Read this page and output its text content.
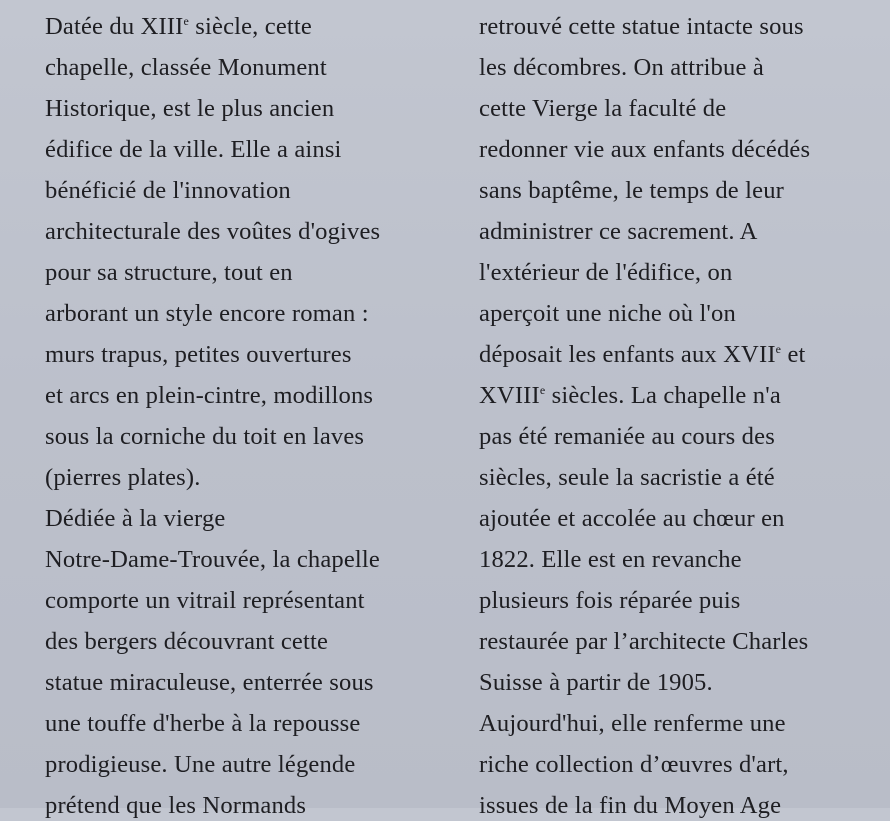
Datée du XIIIe siècle, cette
chapelle, classée Monument
Historique, est le plus ancien
édifice de la ville. Elle a ainsi
bénéficié de l'innovation
architecturale des voûtes d'ogives
pour sa structure, tout en
arborant un style encore roman :
murs trapus, petites ouvertures
et arcs en plein-cintre, modillons
sous la corniche du toit en laves
(pierres plates).
Dédiée à la vierge
Notre-Dame-Trouvée, la chapelle
comporte un vitrail représentant
des bergers découvrant cette
statue miraculeuse, enterrée sous
une touffe d'herbe à la repousse
prodigieuse. Une autre légende
prétend que les Normands
retrouvé cette statue intacte sous
les décombres. On attribue à
cette Vierge la faculté de
redonner vie aux enfants décédés
sans baptême, le temps de leur
administrer ce sacrement. A
l'extérieur de l'édifice, on
aperçoit une niche où l'on
déposait les enfants aux XVIIe et
XVIIIe siècles. La chapelle n'a
pas été remaniée au cours des
siècles, seule la sacristie a été
ajoutée et accolée au chœur en
1822. Elle est en revanche
plusieurs fois réparée puis
restaurée par l’architecte Charles
Suisse à partir de 1905.
Aujourd'hui, elle renferme une
riche collection d’œuvres d'art,
issues de la fin du Moyen Age
